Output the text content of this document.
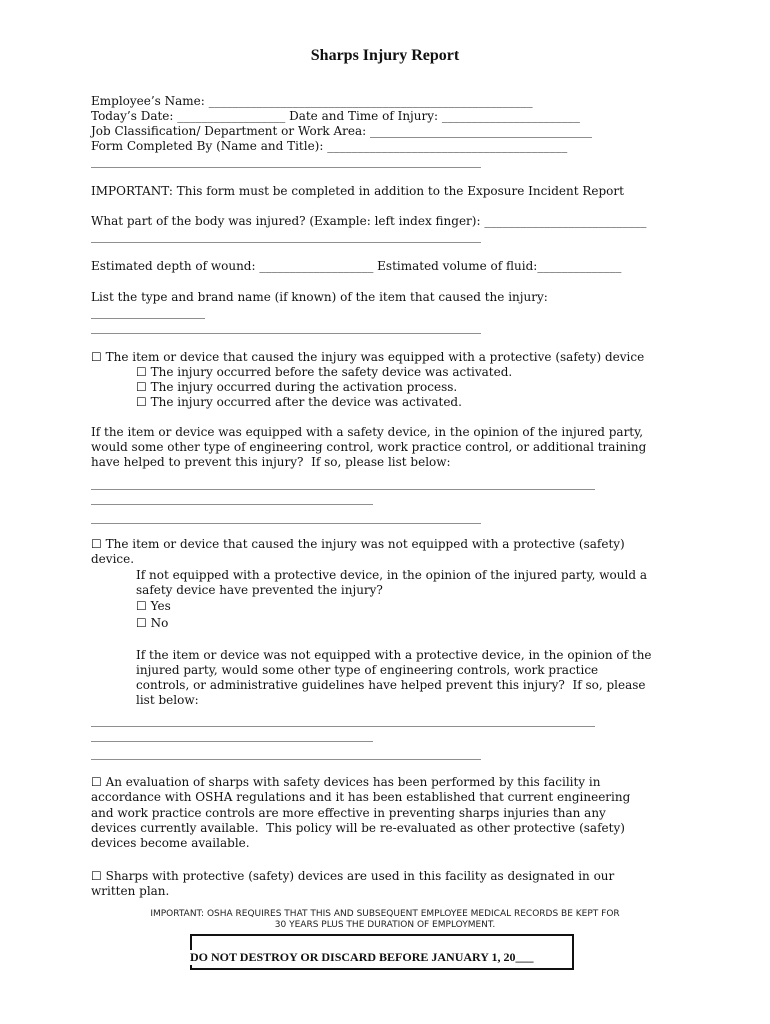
Sharps Injury Report
Employee’s Name: ______________________________________________________
Today’s Date: __________________ Date and Time of Injury: _______________________
Job Classification/ Department or Work Area: _____________________________________
Form Completed By (Name and Title): ________________________________________
_________________________________________________________________
IMPORTANT: This form must be completed in addition to the Exposure Incident Report
What part of the body was injured? (Example: left index finger): ___________________________
_________________________________________________________________
Estimated depth of wound: ___________________ Estimated volume of fluid:______________
List the type and brand name (if known) of the item that caused the injury:
___________________
_________________________________________________________________
☐ The item or device that caused the injury was equipped with a protective (safety) device
☐ The injury occurred before the safety device was activated.
☐ The injury occurred during the activation process.
☐ The injury occurred after the device was activated.
If the item or device was equipped with a safety device, in the opinion of the injured party,
would some other type of engineering control, work practice control, or additional training
have helped to prevent this injury?  If so, please list below:
____________________________________________________________________________________
_______________________________________________
_________________________________________________________________
☐ The item or device that caused the injury was not equipped with a protective (safety)
device.
If not equipped with a protective device, in the opinion of the injured party, would a
safety device have prevented the injury?
☐ Yes
☐ No
If the item or device was not equipped with a protective device, in the opinion of the
injured party, would some other type of engineering controls, work practice
controls, or administrative guidelines have helped prevent this injury?  If so, please
list below:
____________________________________________________________________________________
_______________________________________________
_________________________________________________________________
☐ An evaluation of sharps with safety devices has been performed by this facility in
accordance with OSHA regulations and it has been established that current engineering
and work practice controls are more effective in preventing sharps injuries than any
devices currently available.  This policy will be re-evaluated as other protective (safety)
devices become available.
☐ Sharps with protective (safety) devices are used in this facility as designated in our
written plan.
IMPORTANT: OSHA REQUIRES THAT THIS AND SUBSEQUENT EMPLOYEE MEDICAL RECORDS BE KEPT FOR
30 YEARS PLUS THE DURATION OF EMPLOYMENT.
DO NOT DESTROY OR DISCARD BEFORE JANUARY 1, 20___
